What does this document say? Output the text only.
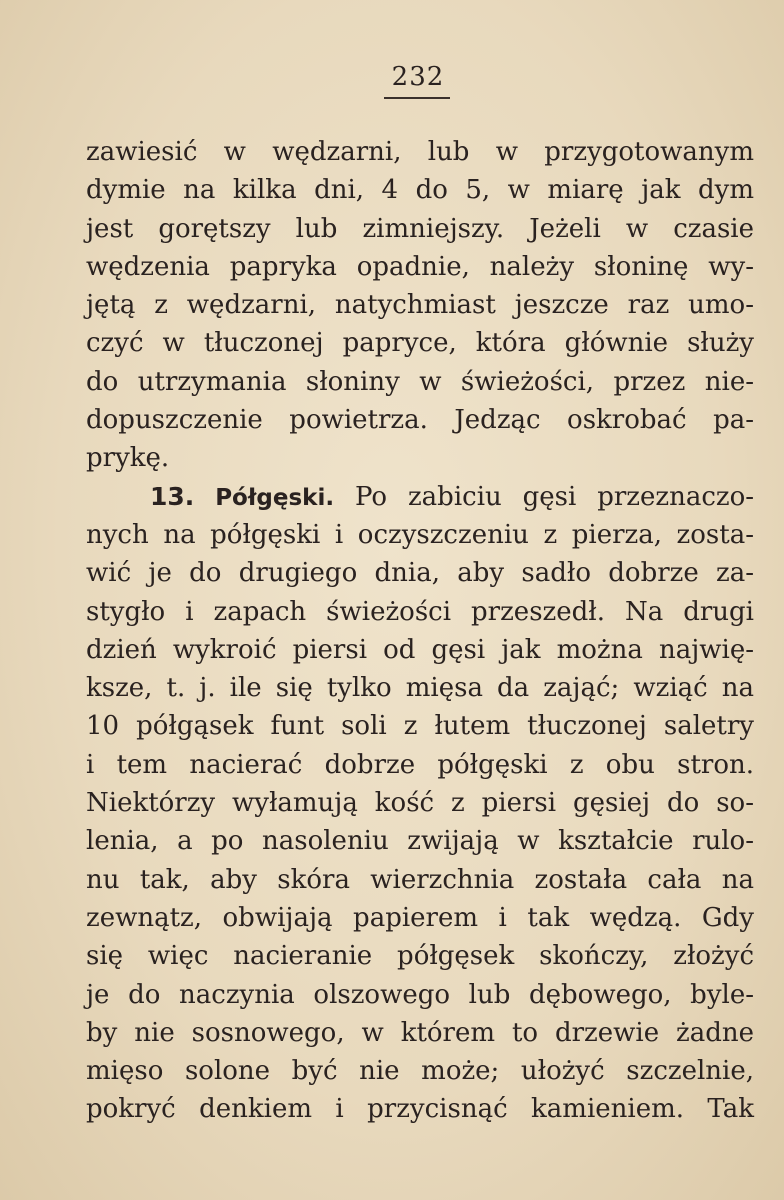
232
zawiesić w wędzarni, lub w przygotowanym
dymie na kilka dni, 4 do 5, w miarę jak dym
jest gorętszy lub zimniejszy. Jeżeli w czasie
wędzenia papryka opadnie, należy słoninę wy-
jętą z wędzarni, natychmiast jeszcze raz umo-
czyć w tłuczonej papryce, która głównie służy
do utrzymania słoniny w świeżości, przez nie-
dopuszczenie powietrza. Jedząc oskrobać pa-
prykę.
13. Półgęski. Po zabiciu gęsi przeznaczo-
nych na półgęski i oczyszczeniu z pierza, zosta-
wić je do drugiego dnia, aby sadło dobrze za-
stygło i zapach świeżości przeszedł. Na drugi
dzień wykroić piersi od gęsi jak można najwię-
ksze, t. j. ile się tylko mięsa da zająć; wziąć na
10 półgąsek funt soli z łutem tłuczonej saletry
i tem nacierać dobrze półgęski z obu stron.
Niektórzy wyłamują kość z piersi gęsiej do so-
lenia, a po nasoleniu zwijają w kształcie rulo-
nu tak, aby skóra wierzchnia została cała na
zewnątz, obwijają papierem i tak wędzą. Gdy
się więc nacieranie półgęsek skończy, złożyć
je do naczynia olszowego lub dębowego, byle-
by nie sosnowego, w którem to drzewie żadne
mięso solone być nie może; ułożyć szczelnie,
pokryć denkiem i przycisnąć kamieniem. Tak
